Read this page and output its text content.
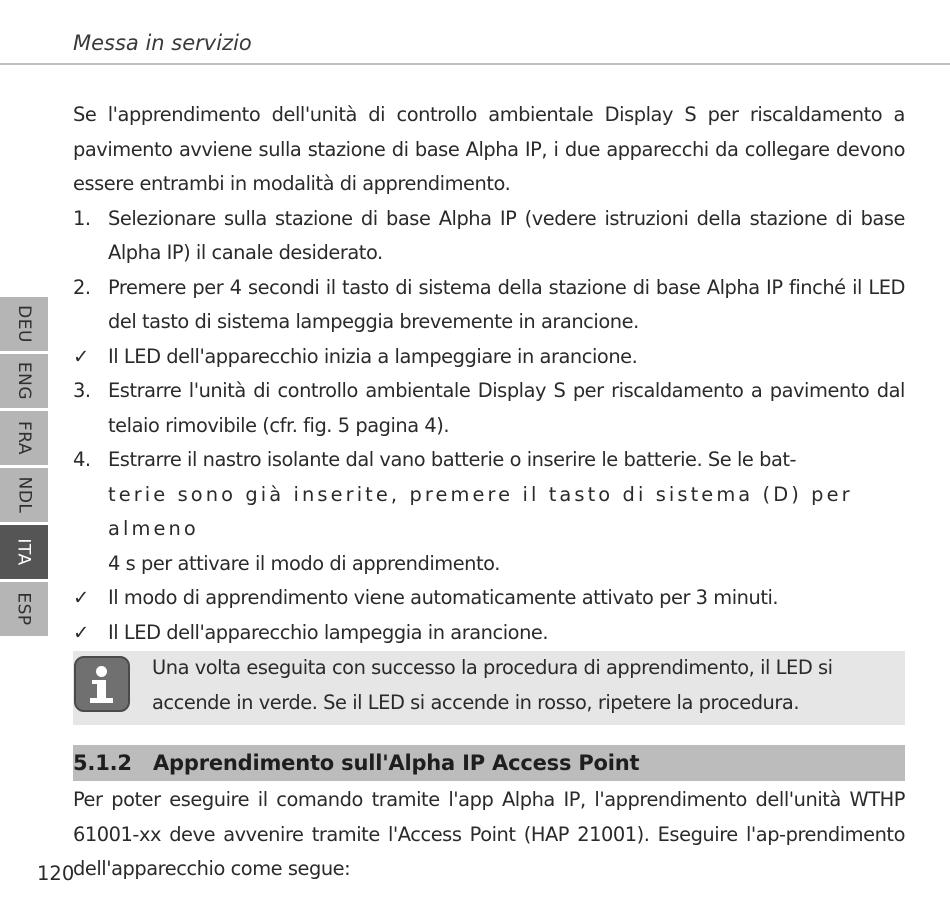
Messa in servizio
DEU
ENG
FRA
NDL
ITA
ESP

Se l'apprendimento dell'unità di controllo ambientale Display S per riscaldamento a pavimento avviene sulla stazione di base Alpha IP, i due apparecchi da collegare devono essere entrambi in modalità di apprendimento.

1. Selezionare sulla stazione di base Alpha IP (vedere istruzioni della stazione di base Alpha IP) il canale desiderato.

2. Premere per 4 secondi il tasto di sistema della stazione di base Alpha IP finché il LED del tasto di sistema lampeggia brevemente in arancione.

✓ Il LED dell'apparecchio inizia a lampeggiare in arancione.

3. Estrarre l'unità di controllo ambientale Display S per riscaldamento a pavimento dal telaio rimovibile (cfr. fig. 5 pagina 4).

4. Estrarre il nastro isolante dal vano batterie o inserire le batterie. Se le bat-

terie sono già inserite, premere il tasto di sistema (D) per almeno

4 s per attivare il modo di apprendimento.

✓ Il modo di apprendimento viene automaticamente attivato per 3 minuti.

✓ Il LED dell'apparecchio lampeggia in arancione.

Una volta eseguita con successo la procedura di apprendimento, il LED si accende in verde. Se il LED si accende in rosso, ripetere la procedura.

5.1.2 Apprendimento sull'Alpha IP Access Point

Per poter eseguire il comando tramite l'app Alpha IP, l'apprendimento dell'unità WTHP 61001-xx deve avvenire tramite l'Access Point (HAP 21001). Eseguire l'ap-prendimento dell'apparecchio come segue:

120
